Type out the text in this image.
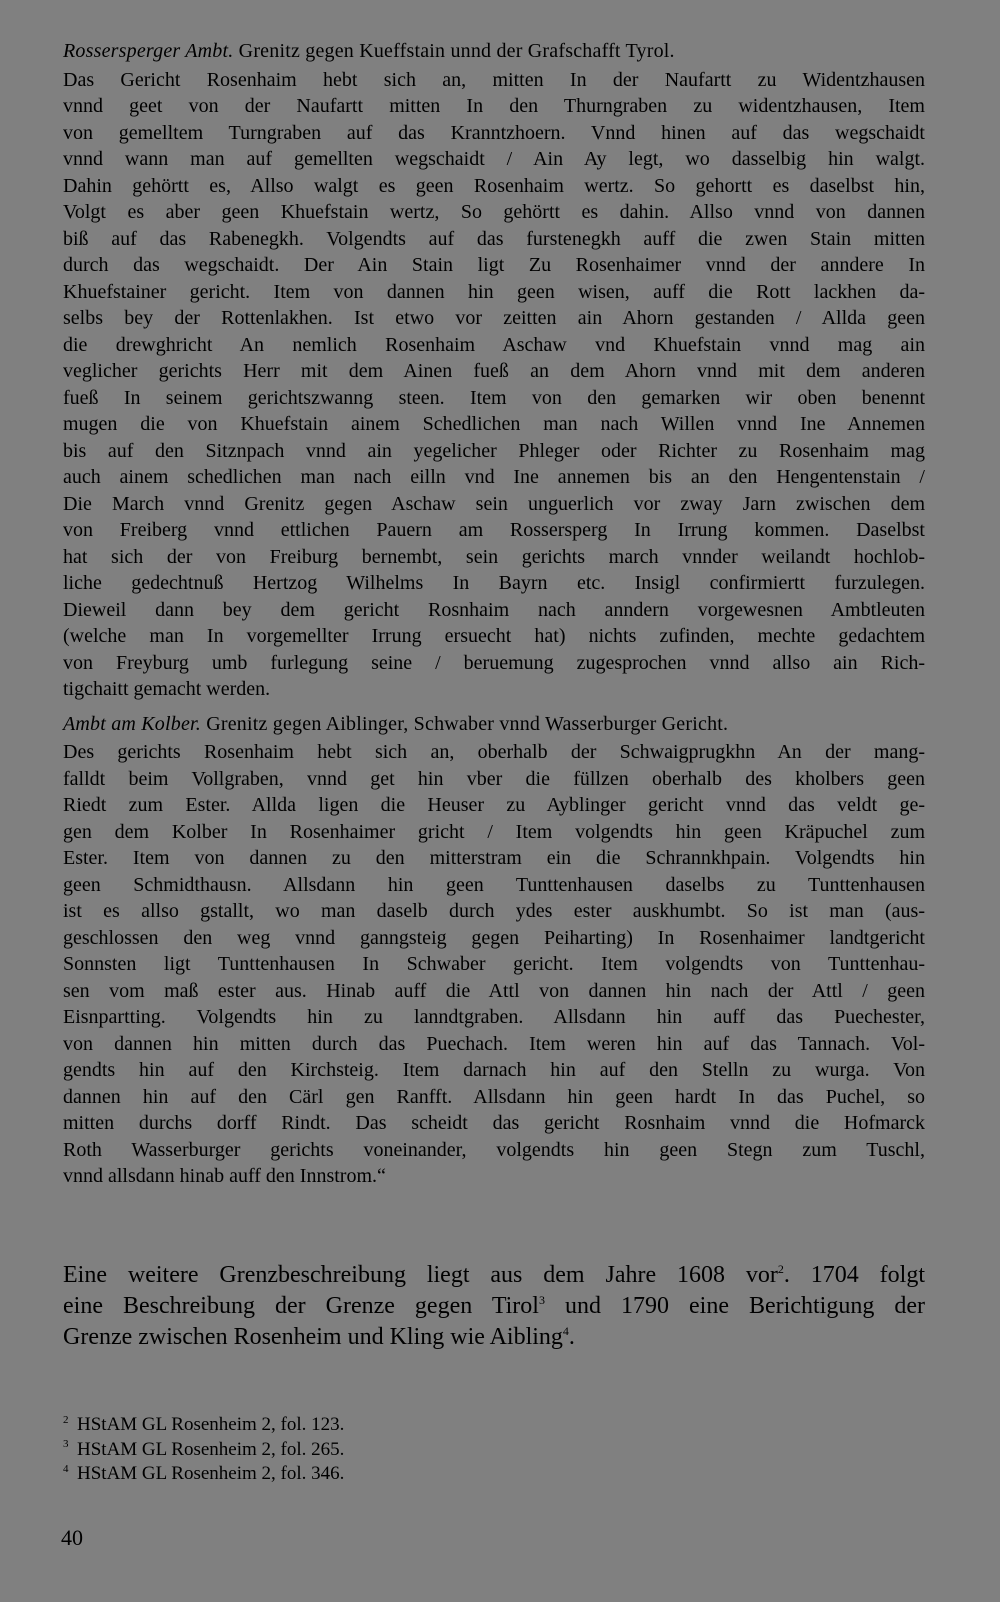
Rossersperger Ambt. Grenitz gegen Kueffstain unnd der Grafschafft Tyrol.
Das Gericht Rosenhaim hebt sich an, mitten In der Naufartt zu Widentzhausen
vnnd geet von der Naufartt mitten In den Thurngraben zu widentzhausen, Item
von gemelltem Turngraben auf das Kranntzhoern. Vnnd hinen auf das wegschaidt
vnnd wann man auf gemellten wegschaidt / Ain Ay legt, wo dasselbig hin walgt.
Dahin gehörtt es, Allso walgt es geen Rosenhaim wertz. So gehortt es daselbst hin,
Volgt es aber geen Khuefstain wertz, So gehörtt es dahin. Allso vnnd von dannen
biß auf das Rabenegkh. Volgendts auf das furstenegkh auff die zwen Stain mitten
durch das wegschaidt. Der Ain Stain ligt Zu Rosenhaimer vnnd der anndere In
Khuefstainer gericht. Item von dannen hin geen wisen, auff die Rott lackhen da-
selbs bey der Rottenlakhen. Ist etwo vor zeitten ain Ahorn gestanden / Allda geen
die drewghricht An nemlich Rosenhaim Aschaw vnd Khuefstain vnnd mag ain
veglicher gerichts Herr mit dem Ainen fueß an dem Ahorn vnnd mit dem anderen
fueß In seinem gerichtszwanng steen. Item von den gemarken wir oben benennt
mugen die von Khuefstain ainem Schedlichen man nach Willen vnnd Ine Annemen
bis auf den Sitznpach vnnd ain yegelicher Phleger oder Richter zu Rosenhaim mag
auch ainem schedlichen man nach eilln vnd Ine annemen bis an den Hengentenstain /
Die March vnnd Grenitz gegen Aschaw sein unguerlich vor zway Jarn zwischen dem
von Freiberg vnnd ettlichen Pauern am Rossersperg In Irrung kommen. Daselbst
hat sich der von Freiburg bernembt, sein gerichts march vnnder weilandt hochlob-
liche gedechtnuß Hertzog Wilhelms In Bayrn etc. Insigl confirmiertt furzulegen.
Dieweil dann bey dem gericht Rosnhaim nach anndern vorgewesnen Ambtleuten
(welche man In vorgemellter Irrung ersuecht hat) nichts zufinden, mechte gedachtem
von Freyburg umb furlegung seine / beruemung zugesprochen vnnd allso ain Rich-
tigchaitt gemacht werden.
Ambt am Kolber. Grenitz gegen Aiblinger, Schwaber vnnd Wasserburger Gericht.
Des gerichts Rosenhaim hebt sich an, oberhalb der Schwaigprugkhn An der mang-
falldt beim Vollgraben, vnnd get hin vber die füllzen oberhalb des kholbers geen
Riedt zum Ester. Allda ligen die Heuser zu Ayblinger gericht vnnd das veldt ge-
gen dem Kolber In Rosenhaimer gricht / Item volgendts hin geen Kräpuchel zum
Ester. Item von dannen zu den mitterstram ein die Schrannkhpain. Volgendts hin
geen Schmidthausn. Allsdann hin geen Tunttenhausen daselbs zu Tunttenhausen
ist es allso gstallt, wo man daselb durch ydes ester auskhumbt. So ist man (aus-
geschlossen den weg vnnd ganngsteig gegen Peiharting) In Rosenhaimer landtgericht
Sonnsten ligt Tunttenhausen In Schwaber gericht. Item volgendts von Tunttenhau-
sen vom maß ester aus. Hinab auff die Attl von dannen hin nach der Attl / geen
Eisnpartting. Volgendts hin zu lanndtgraben. Allsdann hin auff das Puechester,
von dannen hin mitten durch das Puechach. Item weren hin auf das Tannach. Vol-
gendts hin auf den Kirchsteig. Item darnach hin auf den Stelln zu wurga. Von
dannen hin auf den Cärl gen Ranfft. Allsdann hin geen hardt In das Puchel, so
mitten durchs dorff Rindt. Das scheidt das gericht Rosnhaim vnnd die Hofmarck
Roth Wasserburger gerichts voneinander, volgendts hin geen Stegn zum Tuschl,
vnnd allsdann hinab auff den Innstrom.“
Eine weitere Grenzbeschreibung liegt aus dem Jahre 1608 vor$^2$. 1704 folgt
eine Beschreibung der Grenze gegen Tirol$^3$ und 1790 eine Berichtigung der
Grenze zwischen Rosenheim und Kling wie Aibling$^4$.
2 HStAM GL Rosenheim 2, fol. 123.
3 HStAM GL Rosenheim 2, fol. 265.
4 HStAM GL Rosenheim 2, fol. 346.
40
